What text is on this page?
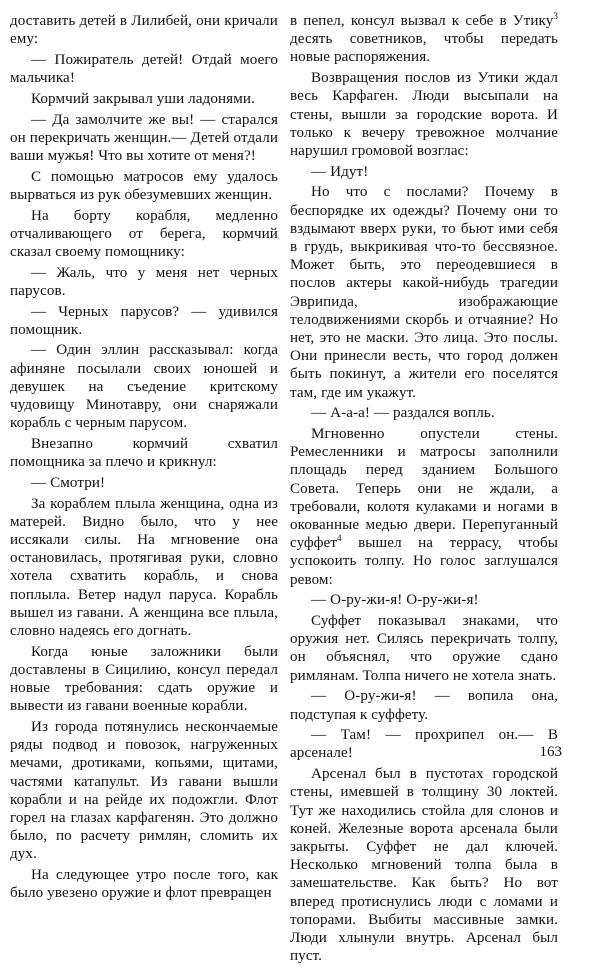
доставить детей в Лилибей, они кричали ему:

— Пожиратель детей! Отдай моего мальчика!

Кормчий закрывал уши ладонями.

— Да замолчите же вы! — старался он перекричать женщин.— Детей отдали ваши мужья! Что вы хотите от меня?!

С помощью матросов ему удалось вырваться из рук обезумевших женщин.

На борту корабля, медленно отчаливающего от берега, кормчий сказал своему помощнику:

— Жаль, что у меня нет черных парусов.

— Черных парусов? — удивился помощник.

— Один эллин рассказывал: когда афиняне посылали своих юношей и девушек на съедение критскому чудовищу Минотавру, они снаряжали корабль с черным парусом.

Внезапно кормчий схватил помощника за плечо и крикнул:

— Смотри!

За кораблем плыла женщина, одна из матерей. Видно было, что у нее иссякали силы. На мгновение она остановилась, протягивая руки, словно хотела схватить корабль, и снова поплыла. Ветер надул паруса. Корабль вышел из гавани. А женщина все плыла, словно надеясь его догнать.

Когда юные заложники были доставлены в Сицилию, консул передал новые требования: сдать оружие и вывести из гавани военные корабли.

Из города потянулись нескончаемые ряды подвод и повозок, нагруженных мечами, дротиками, копьями, щитами, частями катапульт. Из гавани вышли корабли и на рейде их подожгли. Флот горел на глазах карфагенян. Это должно было, по расчету римлян, сломить их дух.

На следующее утро после того, как было увезено оружие и флот превращен

в пепел, консул вызвал к себе в Утику$^3$ десять советников, чтобы передать новые распоряжения.

Возвращения послов из Утики ждал весь Карфаген. Люди высыпали на стены, вышли за городские ворота. И только к вечеру тревожное молчание нарушил громовой возглас:

— Идут!

Но что с послами? Почему в беспорядке их одежды? Почему они то вздымают вверх руки, то бьют ими себя в грудь, выкрикивая что-то бессвязное. Может быть, это переодевшиеся в послов актеры какой-нибудь трагедии Эврипида, изображающие телодвижениями скорбь и отчаяние? Но нет, это не маски. Это лица. Это послы. Они принесли весть, что город должен быть покинут, а жители его поселятся там, где им укажут.

— А-а-а! — раздался вопль.

Мгновенно опустели стены. Ремесленники и матросы заполнили площадь перед зданием Большого Совета. Теперь они не ждали, а требовали, колотя кулаками и ногами в окованные медью двери. Перепуганный суффет$^4$ вышел на террасу, чтобы успокоить толпу. Но голос заглушался ревом:

— О-ру-жи-я! О-ру-жи-я!

Суффет показывал знаками, что оружия нет. Силясь перекричать толпу, он объяснял, что оружие сдано римлянам. Толпа ничего не хотела знать.

— О-ру-жи-я! — вопила она, подступая к суффету.

— Там! — прохрипел он.— В арсенале!

Арсенал был в пустотах городской стены, имевшей в толщину 30 локтей. Тут же находились стойла для слонов и коней. Железные ворота арсенала были закрыты. Суффет не дал ключей. Несколько мгновений толпа была в замешательстве. Как быть? Но вот вперед протиснулись люди с ломами и топорами. Выбиты массивные замки. Люди хлынули внутрь. Арсенал был пуст.

163
